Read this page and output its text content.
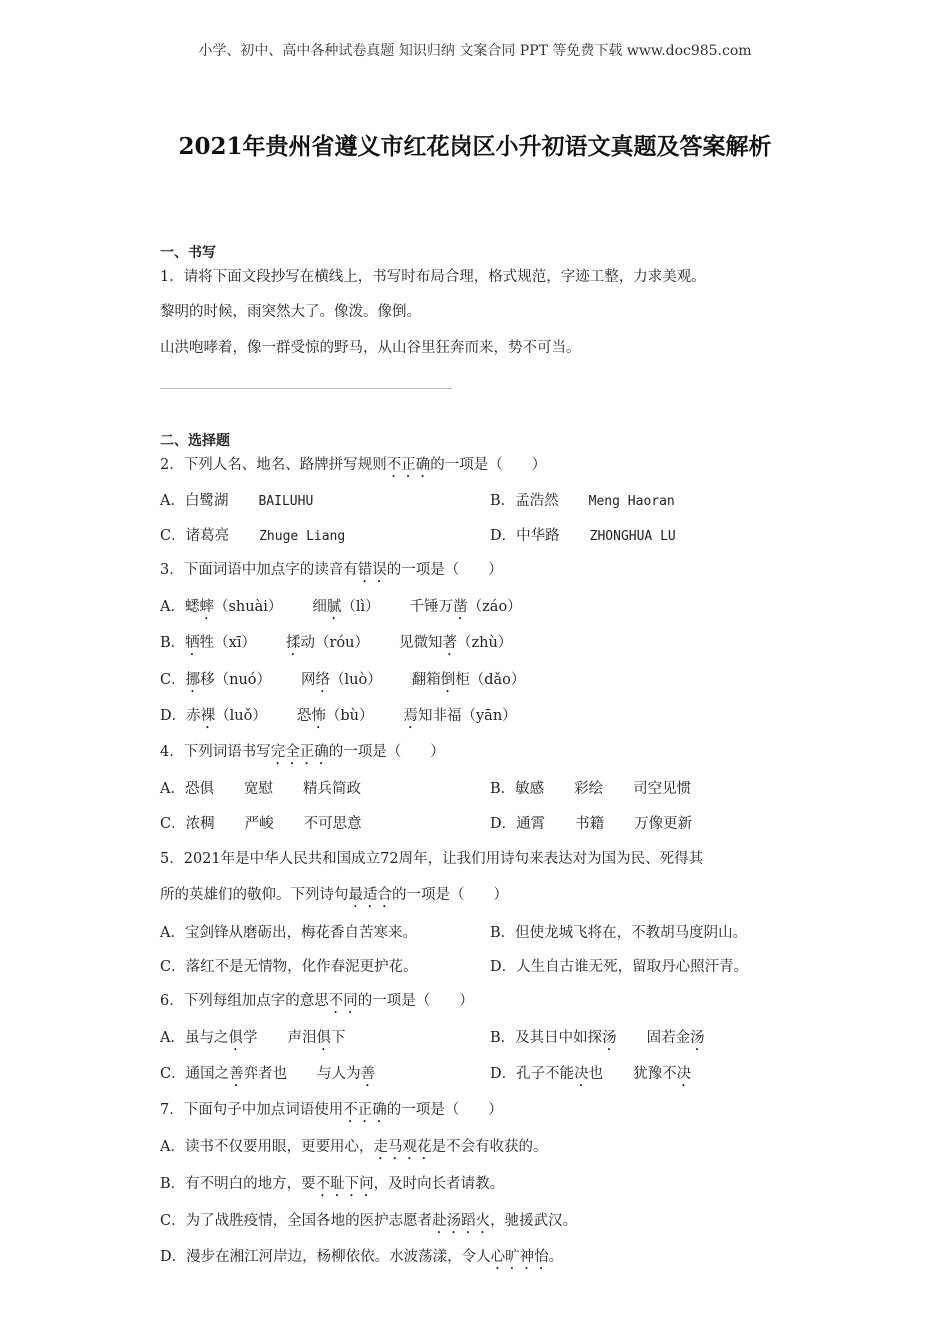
小学、初中、高中各种试卷真题 知识归纳 文案合同 PPT 等免费下载 www.doc985.com
2021年贵州省遵义市红花岗区小升初语文真题及答案解析
一、书写
1．请将下面文段抄写在横线上，书写时布局合理，格式规范，字迹工整，力求美观。
黎明的时候，雨突然大了。像泼。像倒。
山洪咆哮着，像一群受惊的野马，从山谷里狂奔而来，势不可当。
二、选择题
2．下列人名、地名、路牌拼写规则不正确的一项是（　　）
A．白鹭湖 BAILUHU	B．孟浩然 Meng Haoran
C．诸葛亮 Zhuge Liang	D．中华路 ZHONGHUA LU
3．下面词语中加点字的读音有错误的一项是（　　）
A．蟋蟀（shuài） 细腻（lì） 千锤万凿（záo）
B．牺牲（xī） 揉动（róu） 见微知著（zhù）
C．挪移（nuó） 网络（luò） 翻箱倒柜（dǎo）
D．赤裸（luǒ） 恐怖（bù） 焉知非福（yān）
4．下列词语书写完全正确的一项是（　　）
A．恐俱 宽慰 精兵简政	B．敏感 彩绘 司空见惯
C．浓稠 严峻 不可思意	D．通霄 书籍 万像更新
5．2021年是中华人民共和国成立72周年，让我们用诗句来表达对为国为民、死得其
所的英雄们的敬仰。下列诗句最适合的一项是（　　）
A．宝剑锋从磨砺出，梅花香自苦寒来。	B．但使龙城飞将在，不教胡马度阴山。
C．落红不是无情物，化作春泥更护花。	D．人生自古谁无死，留取丹心照汗青。
6．下列每组加点字的意思不同的一项是（　　）
A．虽与之俱学 声泪俱下	B．及其日中如探汤 固若金汤
C．通国之善弈者也 与人为善	D．孔子不能决也 犹豫不决
7．下面句子中加点词语使用不正确的一项是（　　）
A．读书不仅要用眼，更要用心，走马观花是不会有收获的。
B．有不明白的地方，要不耻下问，及时向长者请教。
C．为了战胜疫情，全国各地的医护志愿者赴汤蹈火，驰援武汉。
D．漫步在湘江河岸边，杨柳依依。水波荡漾，令人心旷神怡。
